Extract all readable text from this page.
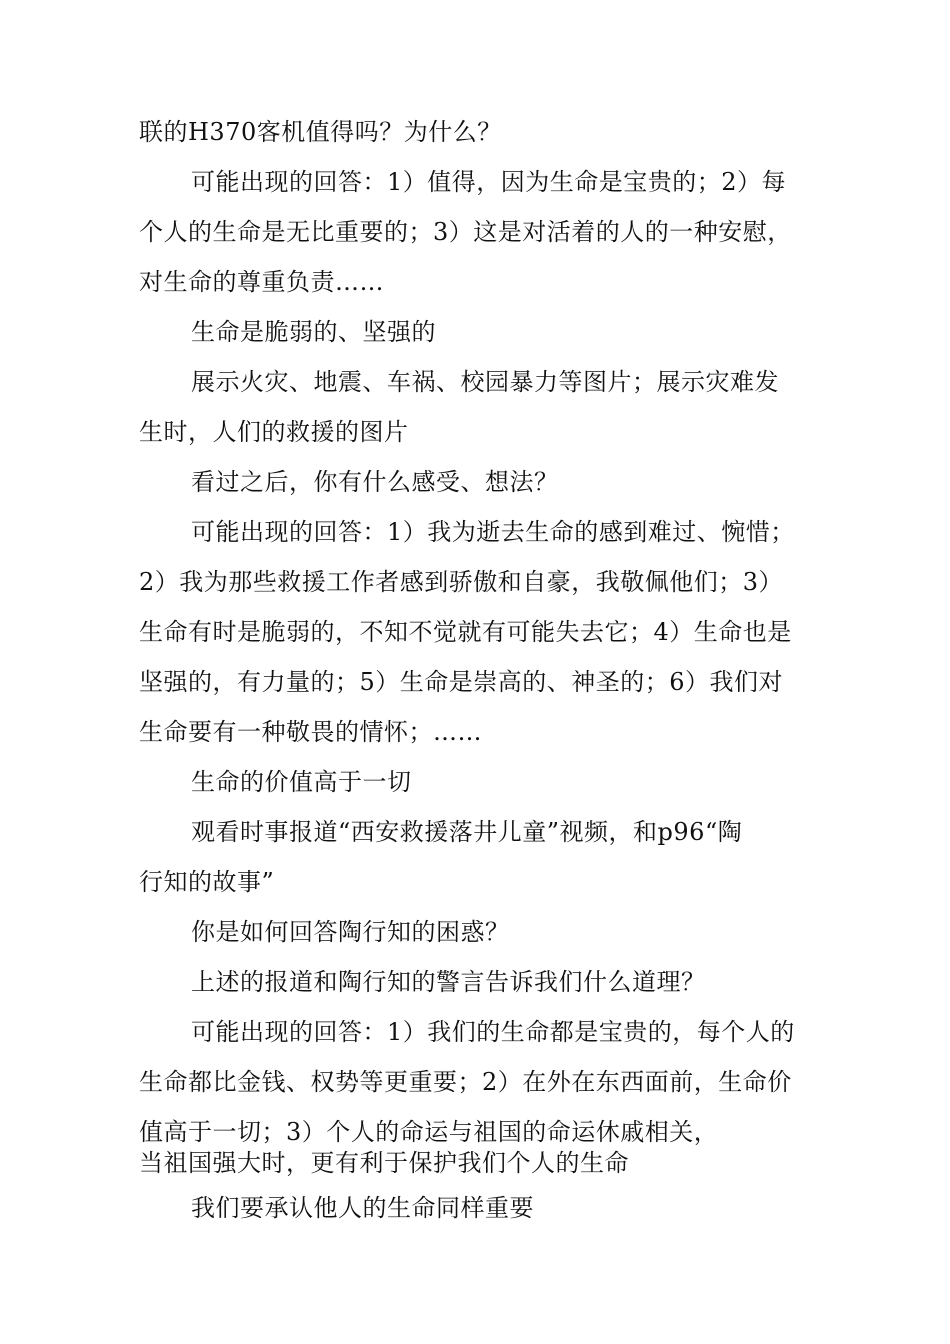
联的H370客机值得吗？为什么？
可能出现的回答：1）值得，因为生命是宝贵的；2）每
个人的生命是无比重要的；3）这是对活着的人的一种安慰，
对生命的尊重负责……
生命是脆弱的、坚强的
展示火灾、地震、车祸、校园暴力等图片；展示灾难发
生时，人们的救援的图片
看过之后，你有什么感受、想法？
可能出现的回答：1）我为逝去生命的感到难过、惋惜；
2）我为那些救援工作者感到骄傲和自豪，我敬佩他们；3）
生命有时是脆弱的，不知不觉就有可能失去它；4）生命也是
坚强的，有力量的；5）生命是崇高的、神圣的；6）我们对
生命要有一种敬畏的情怀；……
生命的价值高于一切
观看时事报道“西安救援落井儿童”视频，和p96“陶
行知的故事”
你是如何回答陶行知的困惑？
上述的报道和陶行知的警言告诉我们什么道理？
可能出现的回答：1）我们的生命都是宝贵的，每个人的
生命都比金钱、权势等更重要；2）在外在东西面前，生命价
值高于一切；3）个人的命运与祖国的命运休戚相关，
当祖国强大时，更有利于保护我们个人的生命
我们要承认他人的生命同样重要
